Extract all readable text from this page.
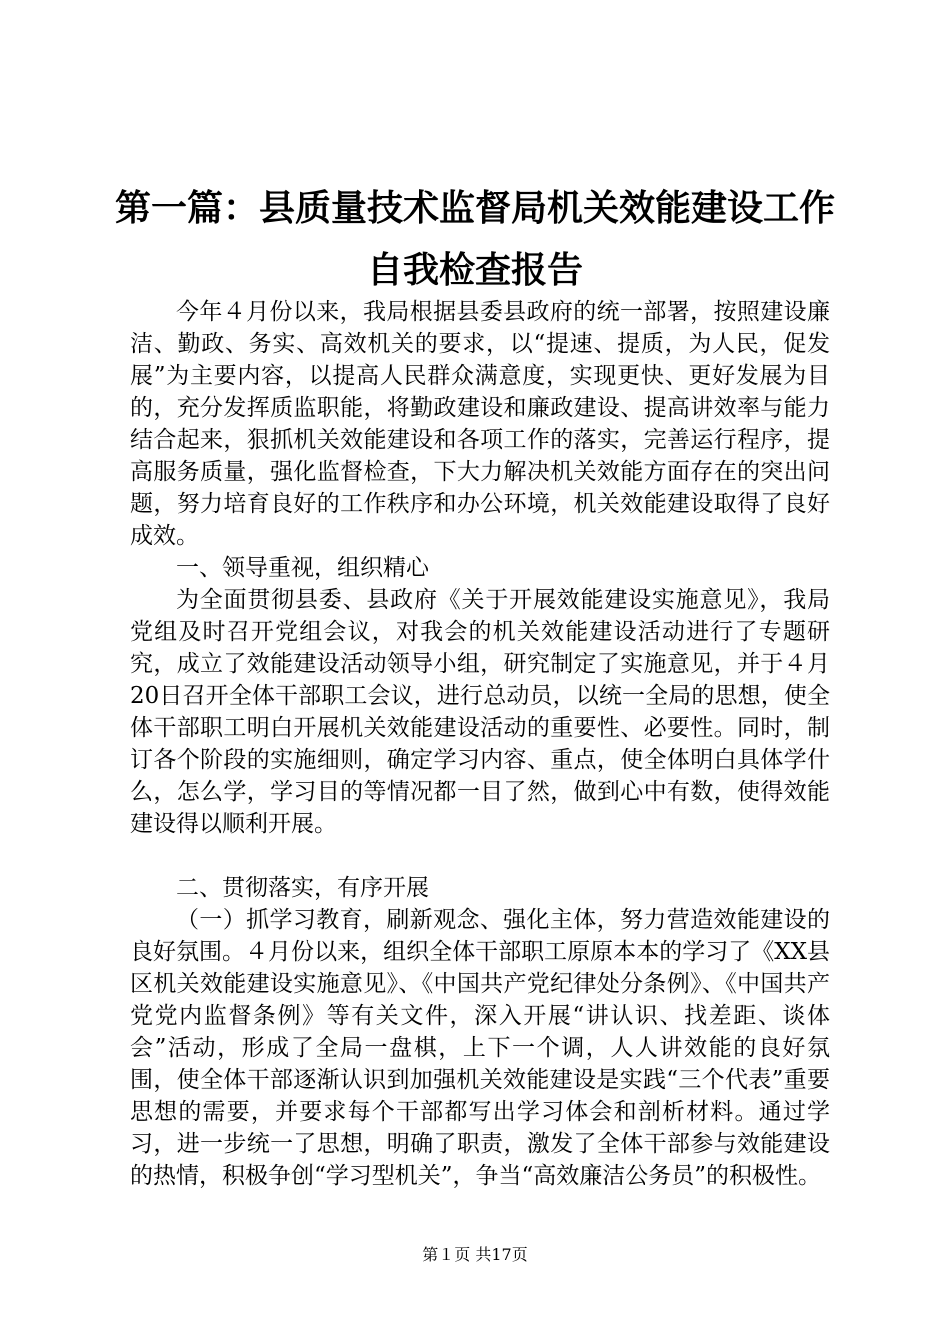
第一篇：县质量技术监督局机关效能建设工作
自我检查报告

今年４月份以来，我局根据县委县政府的统一部署，按照建设廉洁、勤政、务实、高效机关的要求，以“提速、提质，为人民，促发展”为主要内容，以提高人民群众满意度，实现更快、更好发展为目的，充分发挥质监职能，将勤政建设和廉政建设、提高讲效率与能力结合起来，狠抓机关效能建设和各项工作的落实，完善运行程序，提高服务质量，强化监督检查，下大力解决机关效能方面存在的突出问题，努力培育良好的工作秩序和办公环境，机关效能建设取得了良好成效。

一、领导重视，组织精心

为全面贯彻县委、县政府《关于开展效能建设实施意见》，我局党组及时召开党组会议，对我会的机关效能建设活动进行了专题研究，成立了效能建设活动领导小组，研究制定了实施意见，并于４月20日召开全体干部职工会议，进行总动员，以统一全局的思想，使全体干部职工明白开展机关效能建设活动的重要性、必要性。同时，制订各个阶段的实施细则，确定学习内容、重点，使全体明白具体学什么，怎么学，学习目的等情况都一目了然，做到心中有数，使得效能建设得以顺利开展。

二、贯彻落实，有序开展

（一）抓学习教育，刷新观念、强化主体，努力营造效能建设的良好氛围。４月份以来，组织全体干部职工原原本本的学习了《XX县区机关效能建设实施意见》、《中国共产党纪律处分条例》、《中国共产党党内监督条例》等有关文件，深入开展“讲认识、找差距、谈体会”活动，形成了全局一盘棋，上下一个调，人人讲效能的良好氛围，使全体干部逐渐认识到加强机关效能建设是实践“三个代表”重要思想的需要，并要求每个干部都写出学习体会和剖析材料。通过学习，进一步统一了思想，明确了职责，激发了全体干部参与效能建设的热情，积极争创“学习型机关”，争当“高效廉洁公务员”的积极性。

第１页 共17页
